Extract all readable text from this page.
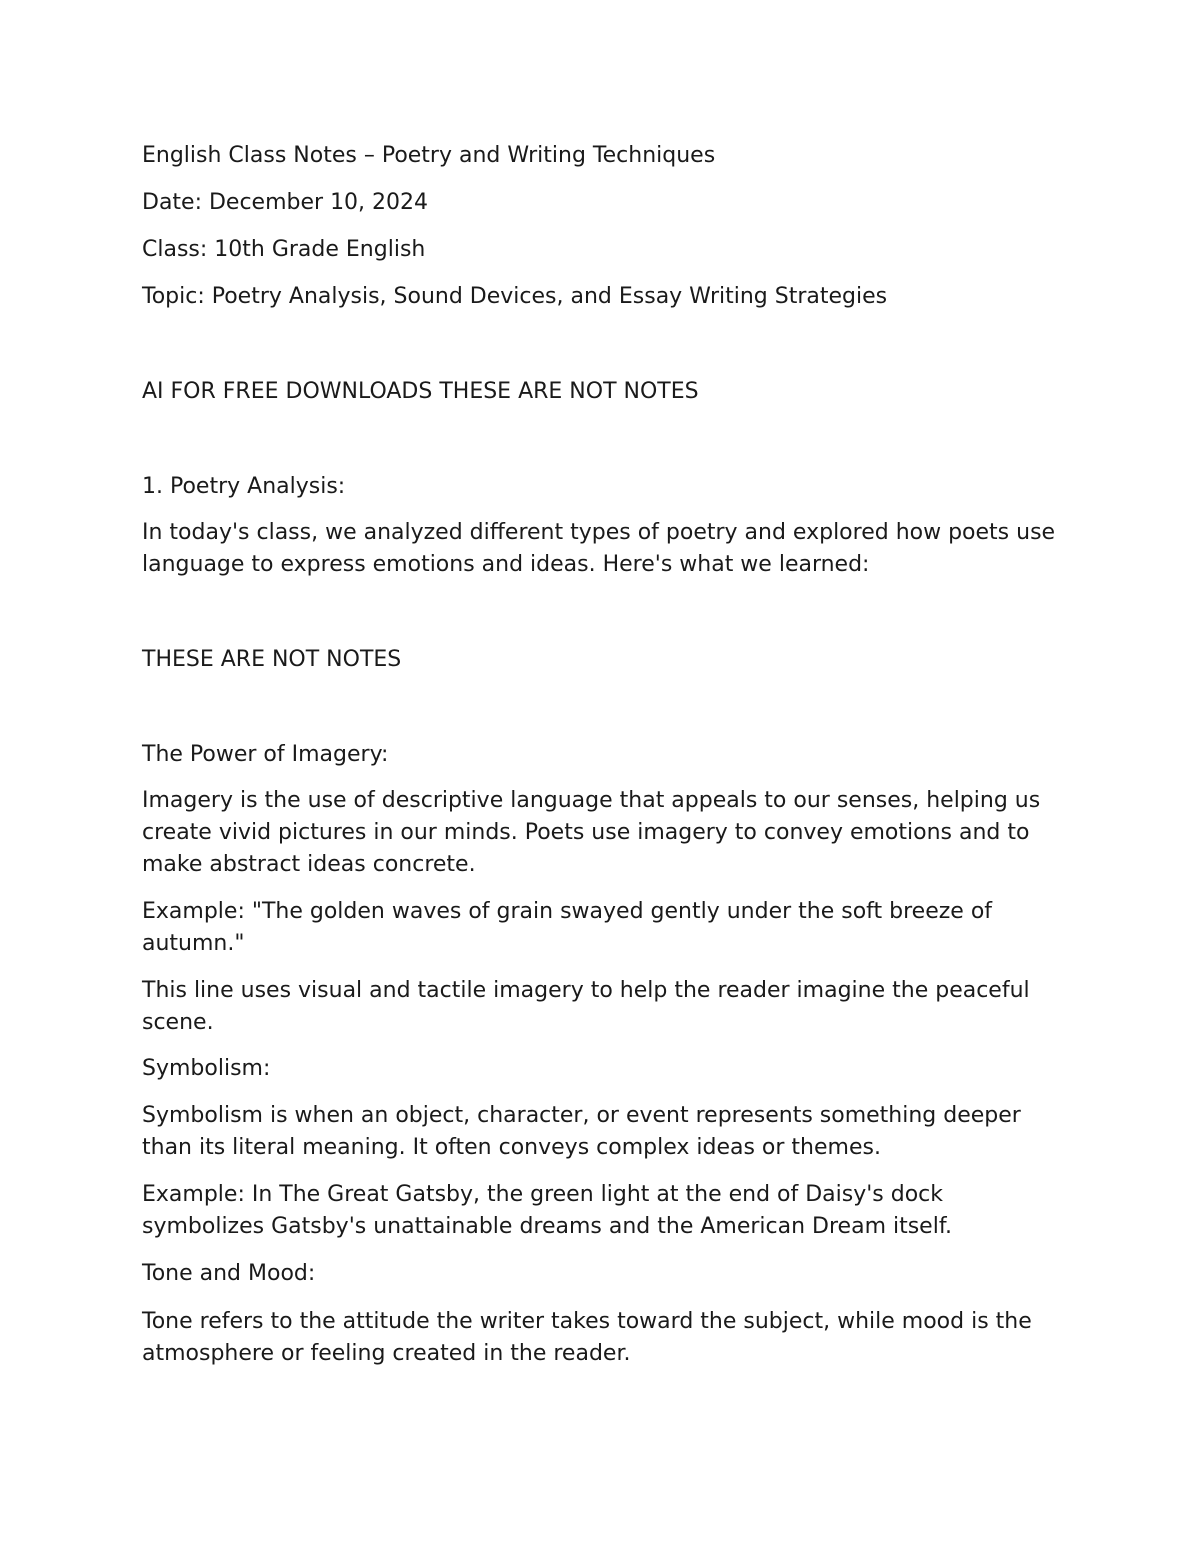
English Class Notes – Poetry and Writing Techniques

Date: December 10, 2024

Class: 10th Grade English

Topic: Poetry Analysis, Sound Devices, and Essay Writing Strategies

AI FOR FREE DOWNLOADS THESE ARE NOT NOTES

1. Poetry Analysis:

In today's class, we analyzed different types of poetry and explored how poets use language to express emotions and ideas. Here's what we learned:

THESE ARE NOT NOTES

The Power of Imagery:

Imagery is the use of descriptive language that appeals to our senses, helping us create vivid pictures in our minds. Poets use imagery to convey emotions and to make abstract ideas concrete.

Example: "The golden waves of grain swayed gently under the soft breeze of autumn."

This line uses visual and tactile imagery to help the reader imagine the peaceful scene.

Symbolism:

Symbolism is when an object, character, or event represents something deeper than its literal meaning. It often conveys complex ideas or themes.

Example: In The Great Gatsby, the green light at the end of Daisy's dock symbolizes Gatsby's unattainable dreams and the American Dream itself.

Tone and Mood:

Tone refers to the attitude the writer takes toward the subject, while mood is the atmosphere or feeling created in the reader.
